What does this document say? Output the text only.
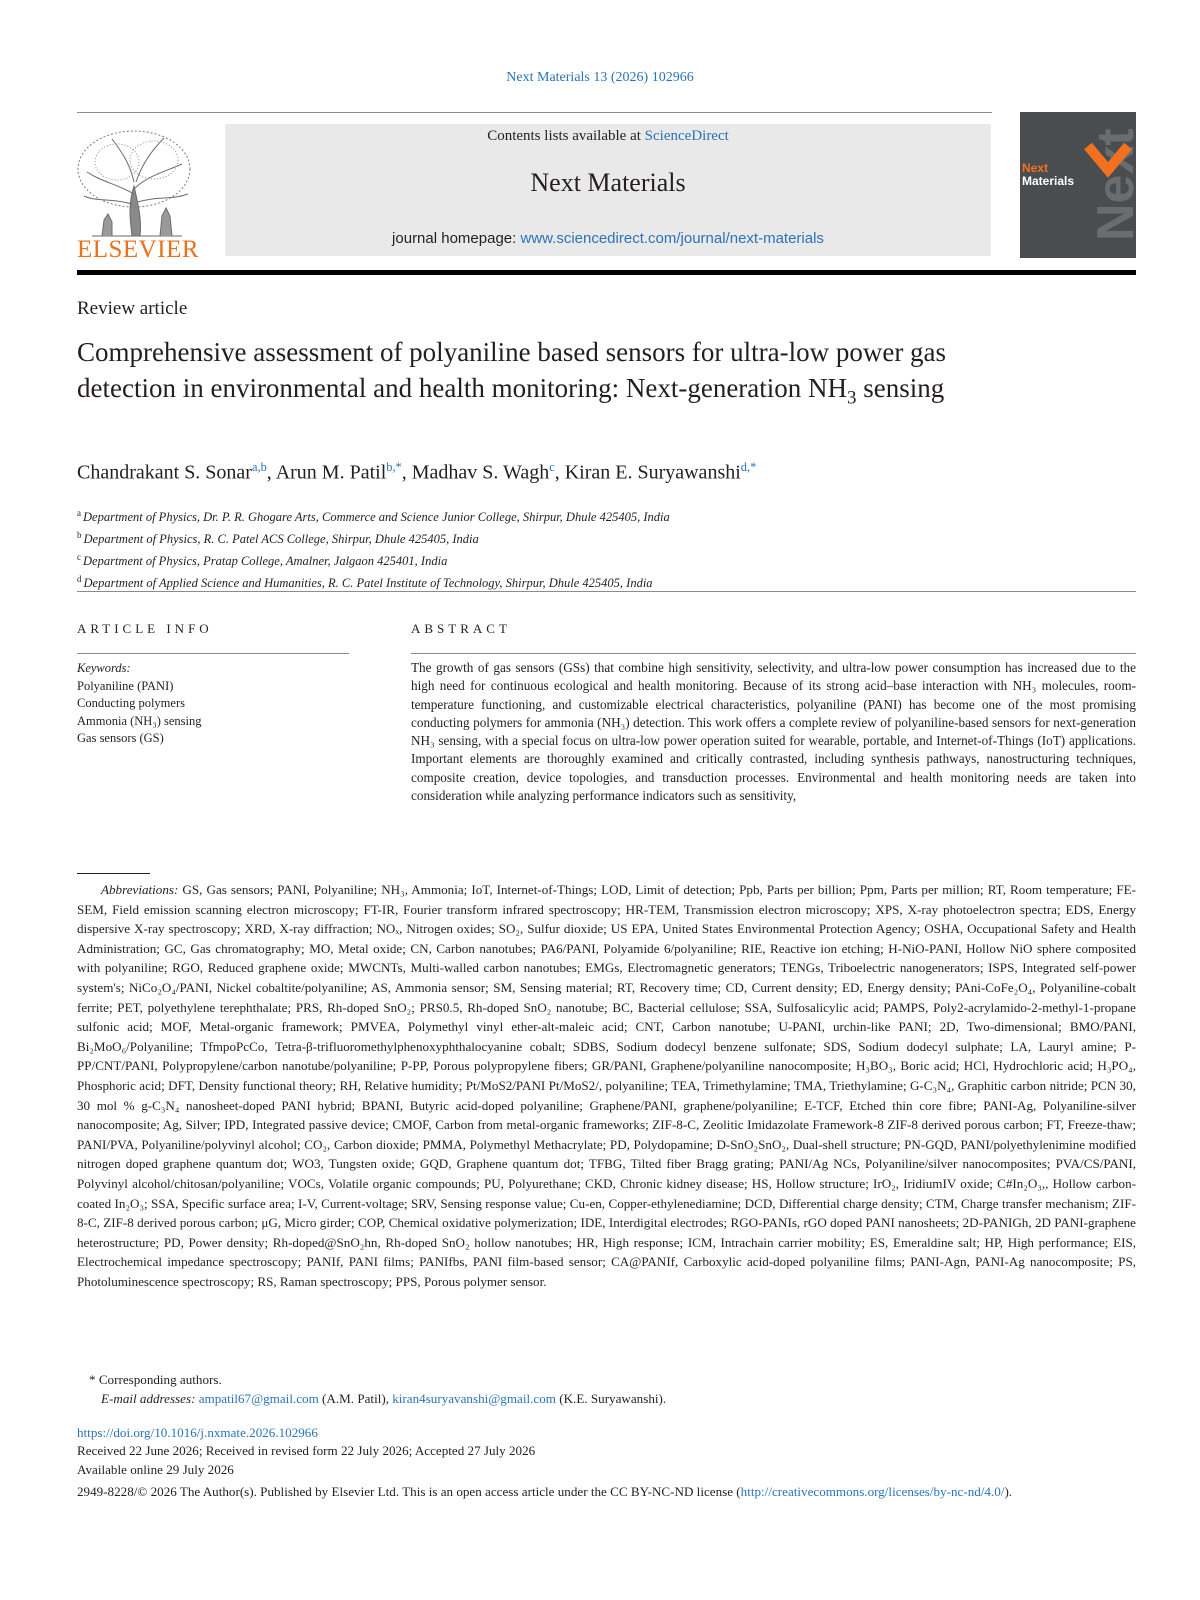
Next Materials 13 (2026) 102966
ELSEVIER
Contents lists available at ScienceDirect
Next Materials
journal homepage: www.sciencedirect.com/journal/next-materials	Next
Next
Materials
Review article
Comprehensive assessment of polyaniline based sensors for ultra-low power gas detection in environmental and health monitoring: Next-generation $NH_3$ sensing
Chandrakant S. Sonar$^{a,b}$, Arun M. Patil$^{b,*}$, Madhav S. Wagh$^c$, Kiran E. Suryawanshi$^{d,*}$
$^a$ Department of Physics, Dr. P. R. Ghogare Arts, Commerce and Science Junior College, Shirpur, Dhule 425405, India
$^b$ Department of Physics, R. C. Patel ACS College, Shirpur, Dhule 425405, India
$^c$ Department of Physics, Pratap College, Amalner, Jalgaon 425401, India
$^d$ Department of Applied Science and Humanities, R. C. Patel Institute of Technology, Shirpur, Dhule 425405, India
ARTICLE INFO
Keywords:
Polyaniline (PANI)
Conducting polymers
Ammonia (NH₃) sensing
Gas sensors (GS)
ABSTRACT
The growth of gas sensors (GSs) that combine high sensitivity, selectivity, and ultra-low power consumption has increased due to the high need for continuous ecological and health monitoring. Because of its strong acid–base interaction with NH₃ molecules, room-temperature functioning, and customizable electrical characteristics, polyaniline (PANI) has become one of the most promising conducting polymers for ammonia (NH₃) detection. This work offers a complete review of polyaniline-based sensors for next-generation NH₃ sensing, with a special focus on ultra-low power operation suited for wearable, portable, and Internet-of-Things (IoT) applications. Important elements are thoroughly examined and critically contrasted, including synthesis pathways, nanostructuring techniques, composite creation, device topologies, and transduction processes. Environmental and health monitoring needs are taken into consideration while analyzing performance indicators such as sensitivity,
Abbreviations: GS, Gas sensors; PANI, Polyaniline; NH₃, Ammonia; IoT, Internet-of-Things; LOD, Limit of detection; Ppb, Parts per billion; Ppm, Parts per million; RT, Room temperature; FE-SEM, Field emission scanning electron microscopy; FT-IR, Fourier transform infrared spectroscopy; HR-TEM, Transmission electron microscopy; XPS, X-ray photoelectron spectra; EDS, Energy dispersive X-ray spectroscopy; XRD, X-ray diffraction; NOₓ, Nitrogen oxides; SO₂, Sulfur dioxide; US EPA, United States Environmental Protection Agency; OSHA, Occupational Safety and Health Administration; GC, Gas chromatography; MO, Metal oxide; CN, Carbon nanotubes; PA6/PANI, Polyamide 6/polyaniline; RIE, Reactive ion etching; H-NiO-PANI, Hollow NiO sphere composited with polyaniline; RGO, Reduced graphene oxide; MWCNTs, Multi-walled carbon nanotubes; EMGs, Electromagnetic generators; TENGs, Triboelectric nanogenerators; ISPS, Integrated self-power system's; NiCo₂O₄/PANI, Nickel cobaltite/polyaniline; AS, Ammonia sensor; SM, Sensing material; RT, Recovery time; CD, Current density; ED, Energy density; PAni-CoFe₂O₄, Polyaniline-cobalt ferrite; PET, polyethylene terephthalate; PRS, Rh-doped SnO₂; PRS0.5, Rh-doped SnO₂ nanotube; BC, Bacterial cellulose; SSA, Sulfosalicylic acid; PAMPS, Poly2-acrylamido-2-methyl-1-propane sulfonic acid; MOF, Metal-organic framework; PMVEA, Polymethyl vinyl ether-alt-maleic acid; CNT, Carbon nanotube; U-PANI, urchin-like PANI; 2D, Two-dimensional; BMO/PANI, Bi₂MoO₆/Polyaniline; TfmpoPcCo, Tetra-β-trifluoromethylphenoxyphthalocyanine cobalt; SDBS, Sodium dodecyl benzene sulfonate; SDS, Sodium dodecyl sulphate; LA, Lauryl amine; P-PP/CNT/PANI, Polypropylene/carbon nanotube/polyaniline; P-PP, Porous polypropylene fibers; GR/PANI, Graphene/polyaniline nanocomposite; H₃BO₃, Boric acid; HCl, Hydrochloric acid; H₃PO₄, Phosphoric acid; DFT, Density functional theory; RH, Relative humidity; Pt/MoS2/PANI Pt/MoS2/, polyaniline; TEA, Trimethylamine; TMA, Triethylamine; G-C₃N₄, Graphitic carbon nitride; PCN 30, 30 mol % g-C₃N₄ nanosheet-doped PANI hybrid; BPANI, Butyric acid-doped polyaniline; Graphene/PANI, graphene/polyaniline; E-TCF, Etched thin core fibre; PANI-Ag, Polyaniline-silver nanocomposite; Ag, Silver; IPD, Integrated passive device; CMOF, Carbon from metal-organic frameworks; ZIF-8-C, Zeolitic Imidazolate Framework-8 ZIF-8 derived porous carbon; FT, Freeze-thaw; PANI/PVA, Polyaniline/polyvinyl alcohol; CO₂, Carbon dioxide; PMMA, Polymethyl Methacrylate; PD, Polydopamine; D-SnO₂SnO₂, Dual-shell structure; PN-GQD, PANI/polyethylenimine modified nitrogen doped graphene quantum dot; WO3, Tungsten oxide; GQD, Graphene quantum dot; TFBG, Tilted fiber Bragg grating; PANI/Ag NCs, Polyaniline/silver nanocomposites; PVA/CS/PANI, Polyvinyl alcohol/chitosan/polyaniline; VOCs, Volatile organic compounds; PU, Polyurethane; CKD, Chronic kidney disease; HS, Hollow structure; IrO₂, IridiumIV oxide; C#In₂O₃,, Hollow carbon-coated In₂O₃; SSA, Specific surface area; I-V, Current-voltage; SRV, Sensing response value; Cu-en, Copper-ethylenediamine; DCD, Differential charge density; CTM, Charge transfer mechanism; ZIF-8-C, ZIF-8 derived porous carbon; μG, Micro girder; COP, Chemical oxidative polymerization; IDE, Interdigital electrodes; RGO-PANIs, rGO doped PANI nanosheets; 2D-PANIGh, 2D PANI-graphene heterostructure; PD, Power density; Rh-doped@SnO₂hn, Rh-doped SnO₂ hollow nanotubes; HR, High response; ICM, Intrachain carrier mobility; ES, Emeraldine salt; HP, High performance; EIS, Electrochemical impedance spectroscopy; PANIf, PANI films; PANIfbs, PANI film-based sensor; CA@PANIf, Carboxylic acid-doped polyaniline films; PANI-Agn, PANI-Ag nanocomposite; PS, Photoluminescence spectroscopy; RS, Raman spectroscopy; PPS, Porous polymer sensor.
* Corresponding authors.
E-mail addresses: ampatil67@gmail.com (A.M. Patil), kiran4suryavanshi@gmail.com (K.E. Suryawanshi).
https://doi.org/10.1016/j.nxmate.2026.102966
Received 22 June 2026; Received in revised form 22 July 2026; Accepted 27 July 2026
Available online 29 July 2026
2949-8228/© 2026 The Author(s). Published by Elsevier Ltd. This is an open access article under the CC BY-NC-ND license (http://creativecommons.org/licenses/by-nc-nd/4.0/).
